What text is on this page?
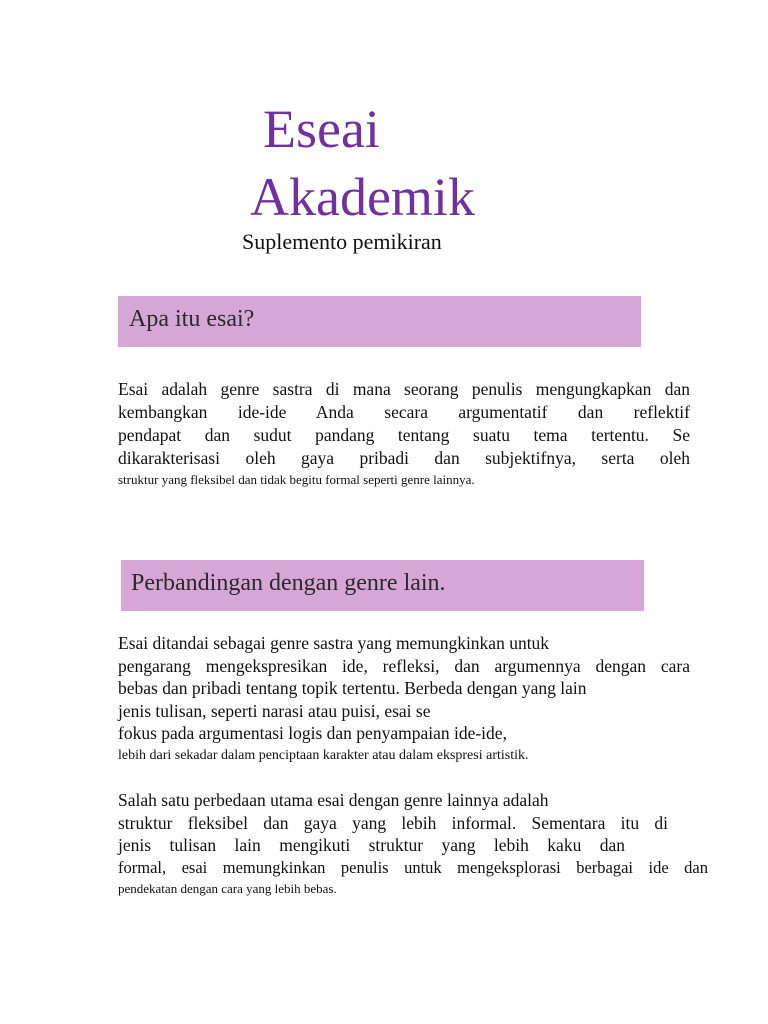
Eseai
Akademik
Suplemento pemikiran
Apa itu esai?
Esai adalah genre sastra di mana seorang penulis mengungkapkan dan
kembangkan ide-ide Anda secara argumentatif dan reflektif
pendapat dan sudut pandang tentang suatu tema tertentu. Se
dikarakterisasi oleh gaya pribadi dan subjektifnya, serta oleh
struktur yang fleksibel dan tidak begitu formal seperti genre lainnya.
Perbandingan dengan genre lain.
Esai ditandai sebagai genre sastra yang memungkinkan untuk
pengarang mengekspresikan ide, refleksi, dan argumennya dengan cara
bebas dan pribadi tentang topik tertentu. Berbeda dengan yang lain
jenis tulisan, seperti narasi atau puisi, esai se
fokus pada argumentasi logis dan penyampaian ide-ide,
lebih dari sekadar dalam penciptaan karakter atau dalam ekspresi artistik.
Salah satu perbedaan utama esai dengan genre lainnya adalah
struktur fleksibel dan gaya yang lebih informal. Sementara itu di
jenis tulisan lain mengikuti struktur yang lebih kaku dan
formal, esai memungkinkan penulis untuk mengeksplorasi berbagai ide dan
pendekatan dengan cara yang lebih bebas.
